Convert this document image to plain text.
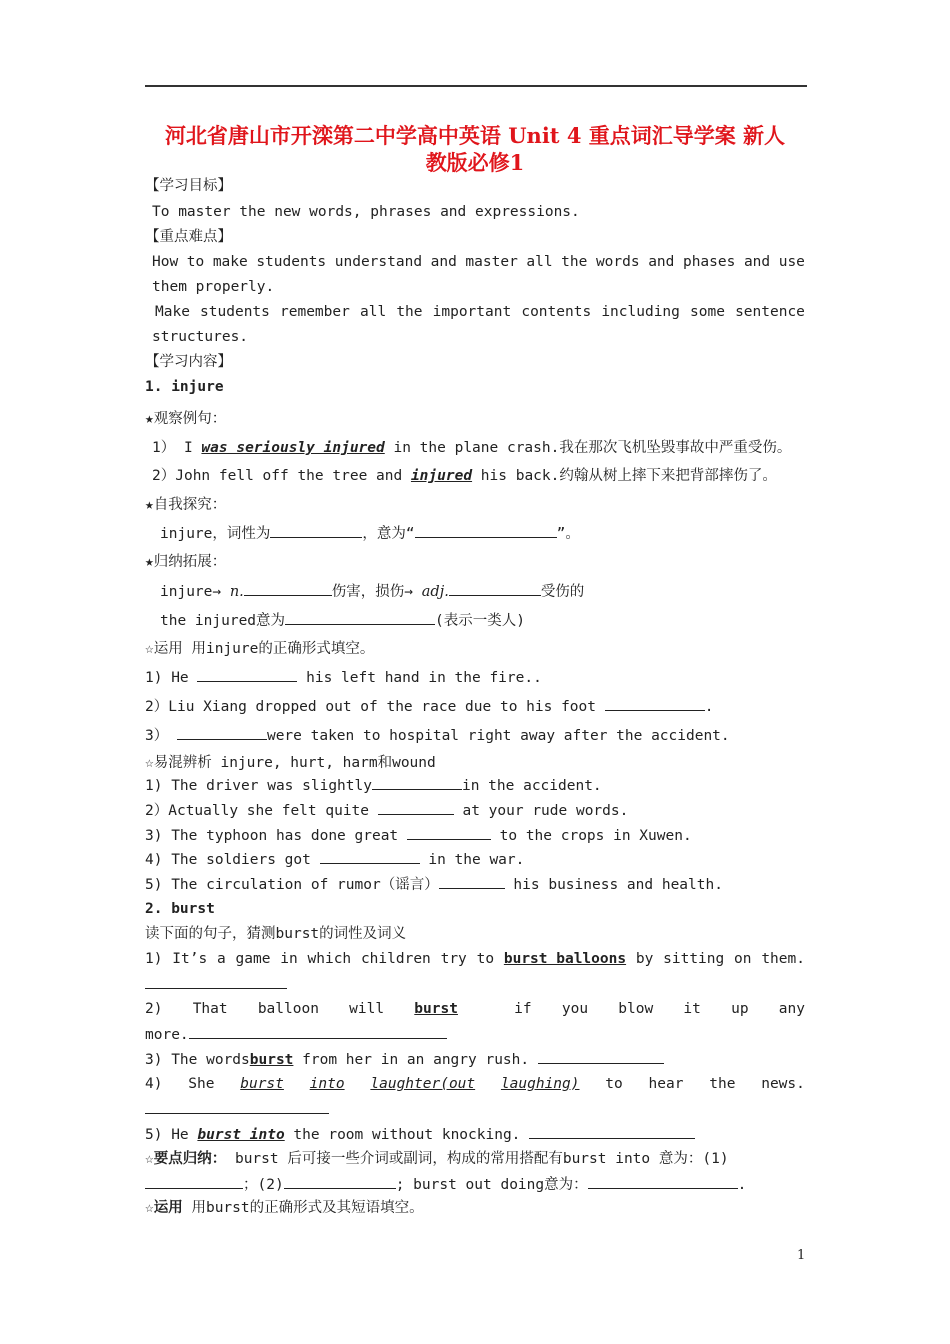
河北省唐山市开滦第二中学高中英语 Unit 4 重点词汇导学案 新人
教版必修1
【学习目标】
To master the new words, phrases and expressions.
【重点难点】
How to make students understand and master all the words and phases and use
them properly.
Make students remember all the important contents including some sentence
structures.
【学习内容】
1. injure
★观察例句：
1） I was seriously injured in the plane crash.我在那次飞机坠毁事故中严重受伤。
2）John fell off the tree and injured his back.约翰从树上摔下来把背部摔伤了。
★自我探究：
injure，词性为	，意为“	”。
★归纳拓展：
injure→ n.	伤害，损伤→ adj.	受伤的
the injured意为	(表示一类人)
☆运用 用injure的正确形式填空。
1) He	his left hand in the fire..
2）Liu Xiang dropped out of the race due to his foot	.
3）	were taken to hospital right away after the accident.
☆易混辨析 injure, hurt, harm和wound
1) The driver was slightly	in the accident.
2）Actually she felt quite	at your rude words.
3) The typhoon has done great	to the crops in Xuwen.
4) The soldiers got	in the war.
5) The circulation of rumor（谣言）	his business and health.
2. burst
读下面的句子，猜测burst的词性及词义
1) It’s a game in which children try to burst balloons by sitting on them.
2) That balloon will burst	if you blow it up any
more.
3) The wordsburst from her in an angry rush.
4) She burst into laughter(out laughing) to hear the news.
5) He burst into the room without knocking.
☆要点归纳： burst 后可接一些介词或副词，构成的常用搭配有burst into 意为：(1)
；(2)	; burst out doing意为：	.
☆运用 用burst的正确形式及其短语填空。
1
